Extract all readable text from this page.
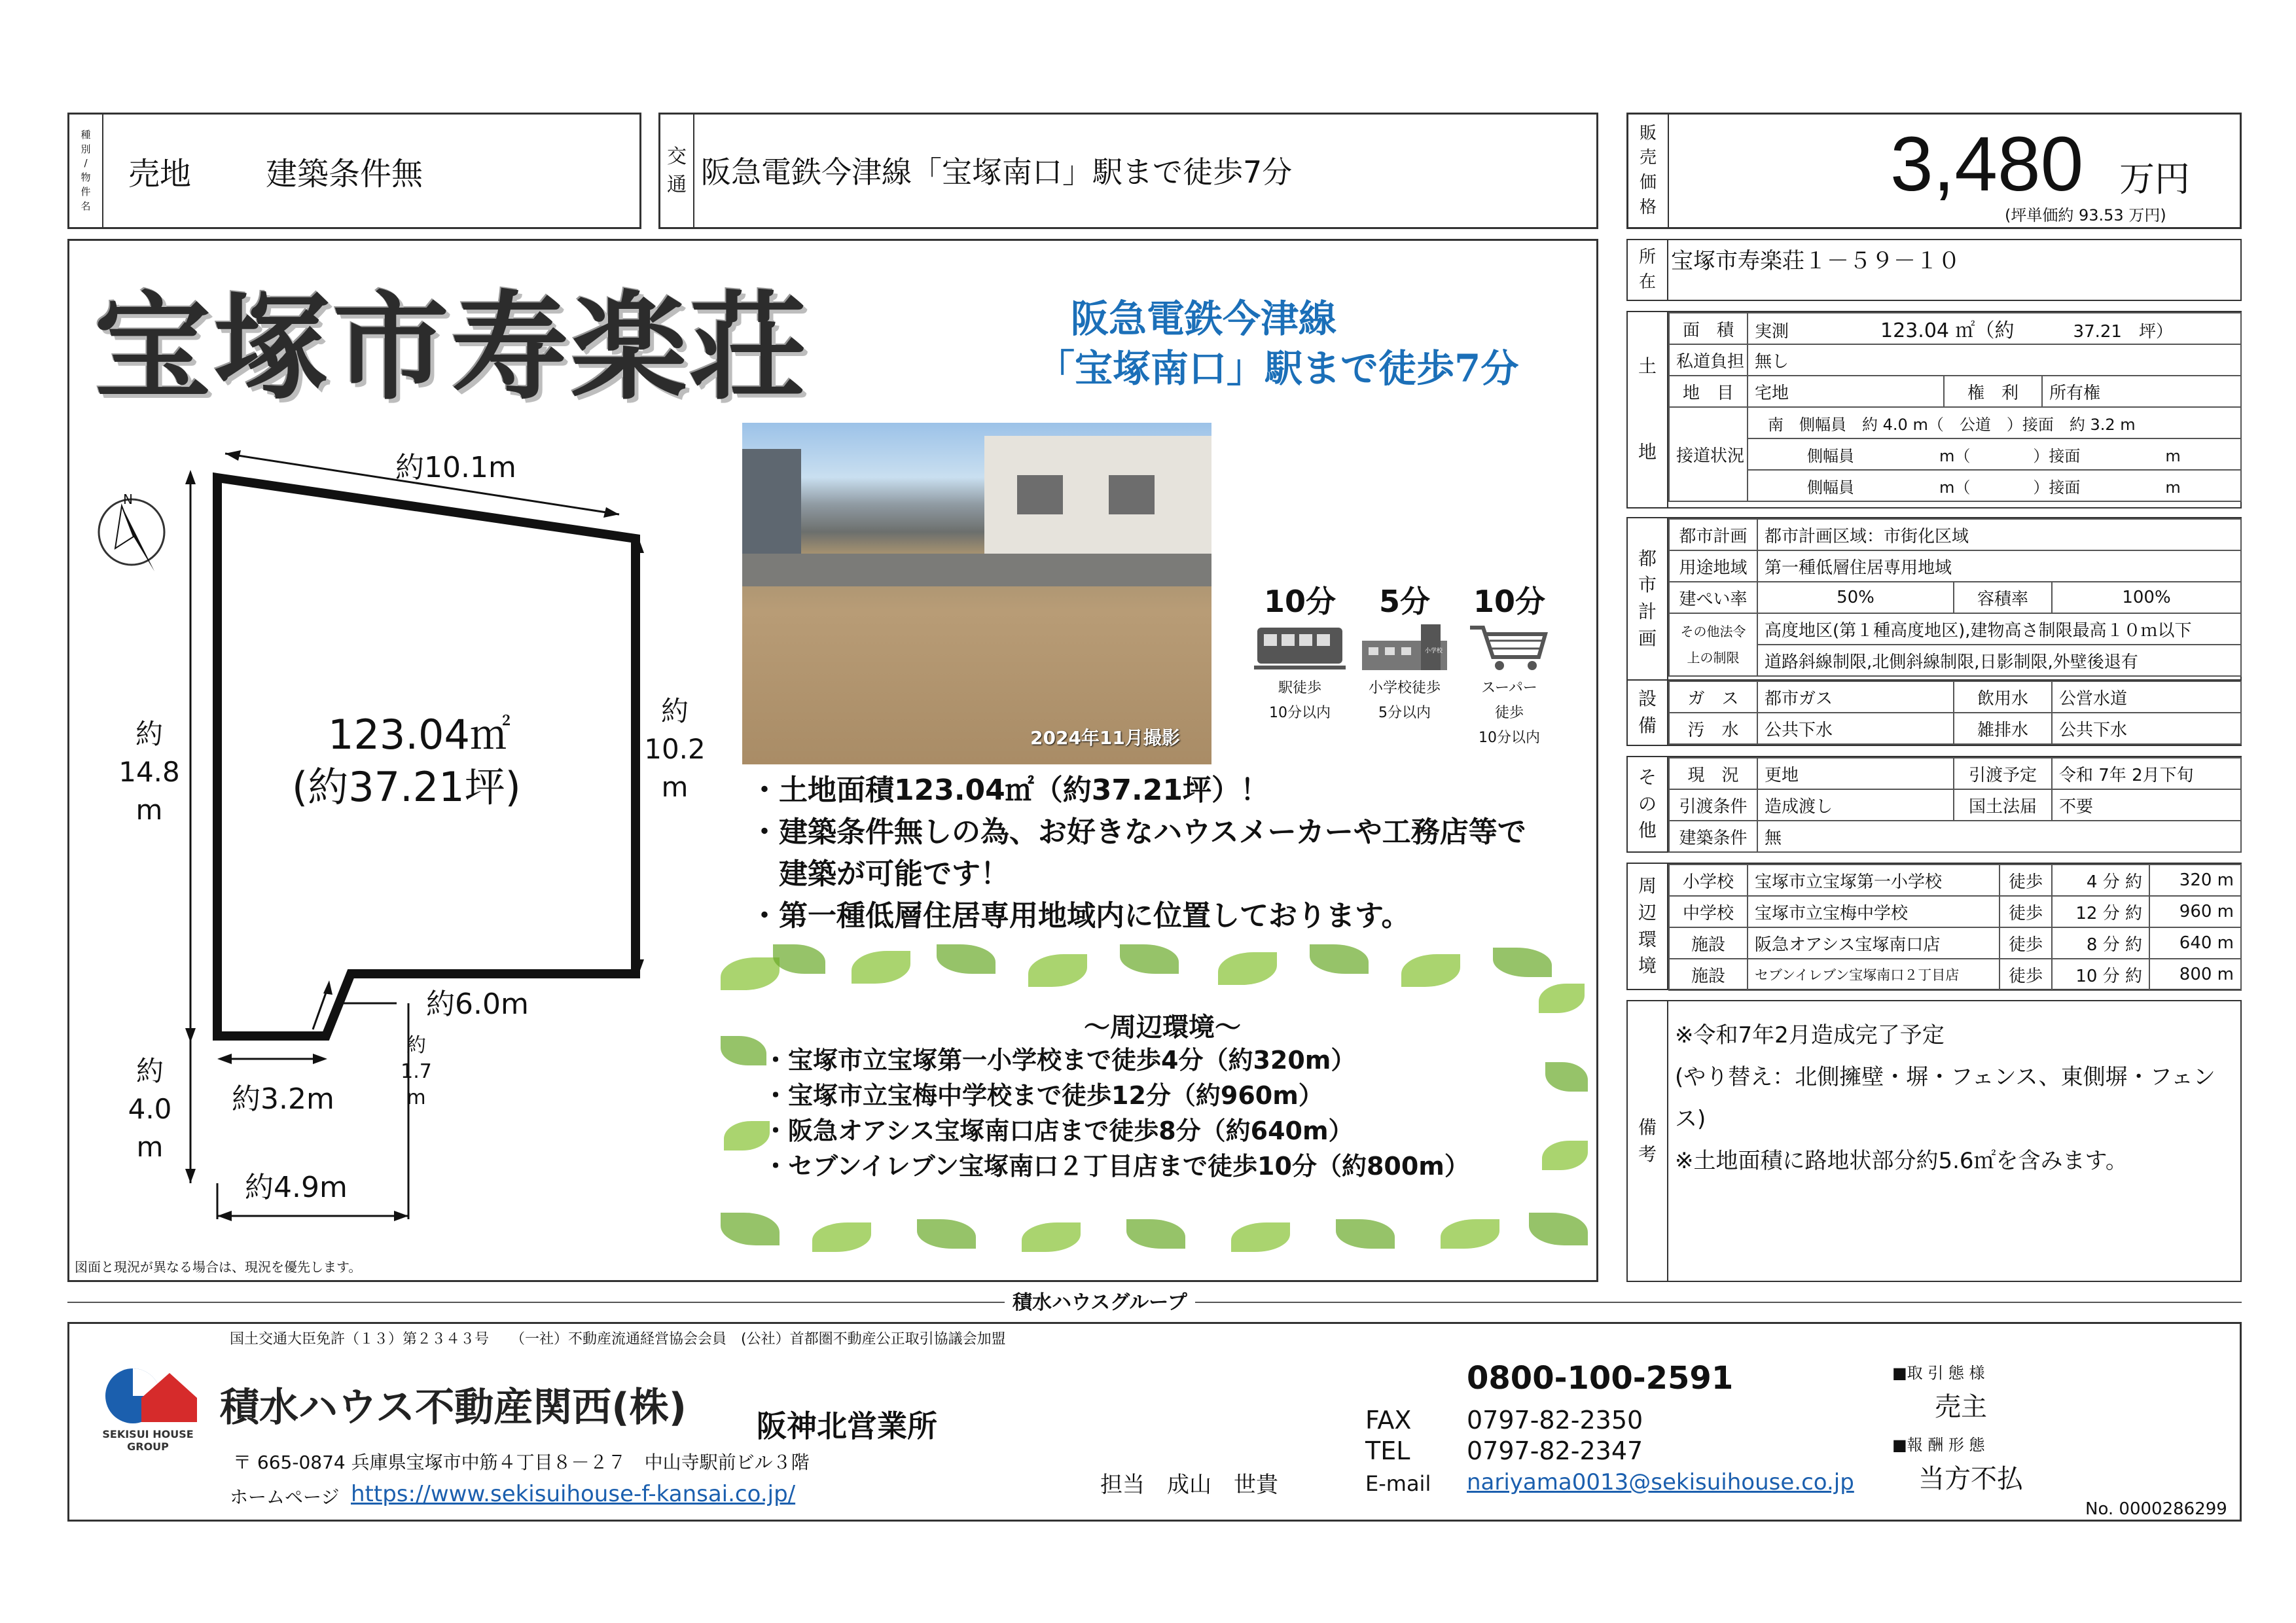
種
別
/
物
件
名
売地 建築条件無	交
通 阪急電鉄今津線「宝塚南口」駅まで徒歩7分
販
売
価
格	3,480 万円
(坪単価約 93.53 万円)
宝塚市寿楽荘	阪急電鉄今津線
「宝塚南口」駅まで徒歩7分
N
123.04㎡
(約37.21坪)
約10.1m
約
14.8
m
約
10.2
m
約6.0m
約
1.7
m
約3.2m
約
4.0
m
約4.9m
図面と現況が異なる場合は、現況を優先します。
2024年11月撮影
10分
駅徒歩
10分以内
5分
小学校
小学校徒歩
5分以内
10分
スーパー
徒歩
10分以内

・土地面積123.04㎡（約37.21坪）！

・建築条件無しの為、お好きなハウスメーカーや工務店等で

　建築が可能です！

・第一種低層住居専用地域内に位置しております。

～周辺環境～
・宝塚市立宝塚第一小学校まで徒歩4分（約320m）
・宝塚市立宝梅中学校まで徒歩12分（約960m）
・阪急オアシス宝塚南口店まで徒歩8分（約640m）
・セブンイレブン宝塚南口２丁目店まで徒歩10分（約800m）
所
在
宝塚市寿楽荘１－５９－１０
土
地
面　積	実測 123.04 ㎡（約 37.21　坪）		
私道負担	無し		
地　目	宅地	権　利	所有権
接道状況	南　側幅員　約 4.0 m（　公道　）接面　約 3.2 m		
	側幅員 m（　　　　）接面 m		
	側幅員 m（　　　　）接面 m		
都
市
計
画
都市計画	都市計画区域：市街化区域		
用途地域	第一種低層住居専用地域		
建ぺい率	50%	容積率	100%

その他法令
上の制限	高度地区(第１種高度地区),建物高さ制限最高１０ｍ以下		
	道路斜線制限,北側斜線制限,日影制限,外壁後退有		
設
備
ガ　ス	都市ガス	飲用水	公営水道
汚　水	公共下水	雑排水	公共下水
そ
の
他
現　況	更地	引渡予定	令和 7年 2月下旬
引渡条件	造成渡し	国土法届	不要
建築条件	無		
周
辺
環
境
小学校	宝塚市立宝塚第一小学校	徒歩	4 分 約	320 m
中学校	宝塚市立宝梅中学校	徒歩	12 分 約	960 m
施設	阪急オアシス宝塚南口店	徒歩	8 分 約	640 m
施設	セブンイレブン宝塚南口２丁目店	徒歩	10 分 約	800 m
備
考
※令和7年2月造成完了予定
(やり替え：北側擁壁・塀・フェンス、東側塀・フェンス)
※土地面積に路地状部分約5.6㎡を含みます。
積水ハウスグループ
国土交通大臣免許（１３）第２３４３号　　（一社）不動産流通経営協会会員　(公社）首都圏不動産公正取引協議会加盟
SEKISUI HOUSE
GROUP
積水ハウス不動産関西(株) 阪神北営業所
〒 665-0874 兵庫県宝塚市中筋４丁目８－２７　中山寺駅前ビル３階
ホームページ https://www.sekisuihouse-f-kansai.co.jp/	担当　成山　世貴
0800-100-2591
FAX 0797-82-2350
TEL 0797-82-2347
E-mail nariyama0013@sekisuihouse.co.jp
■取 引 態 様
売主
■報 酬 形 態
当方不払
No. 0000286299
